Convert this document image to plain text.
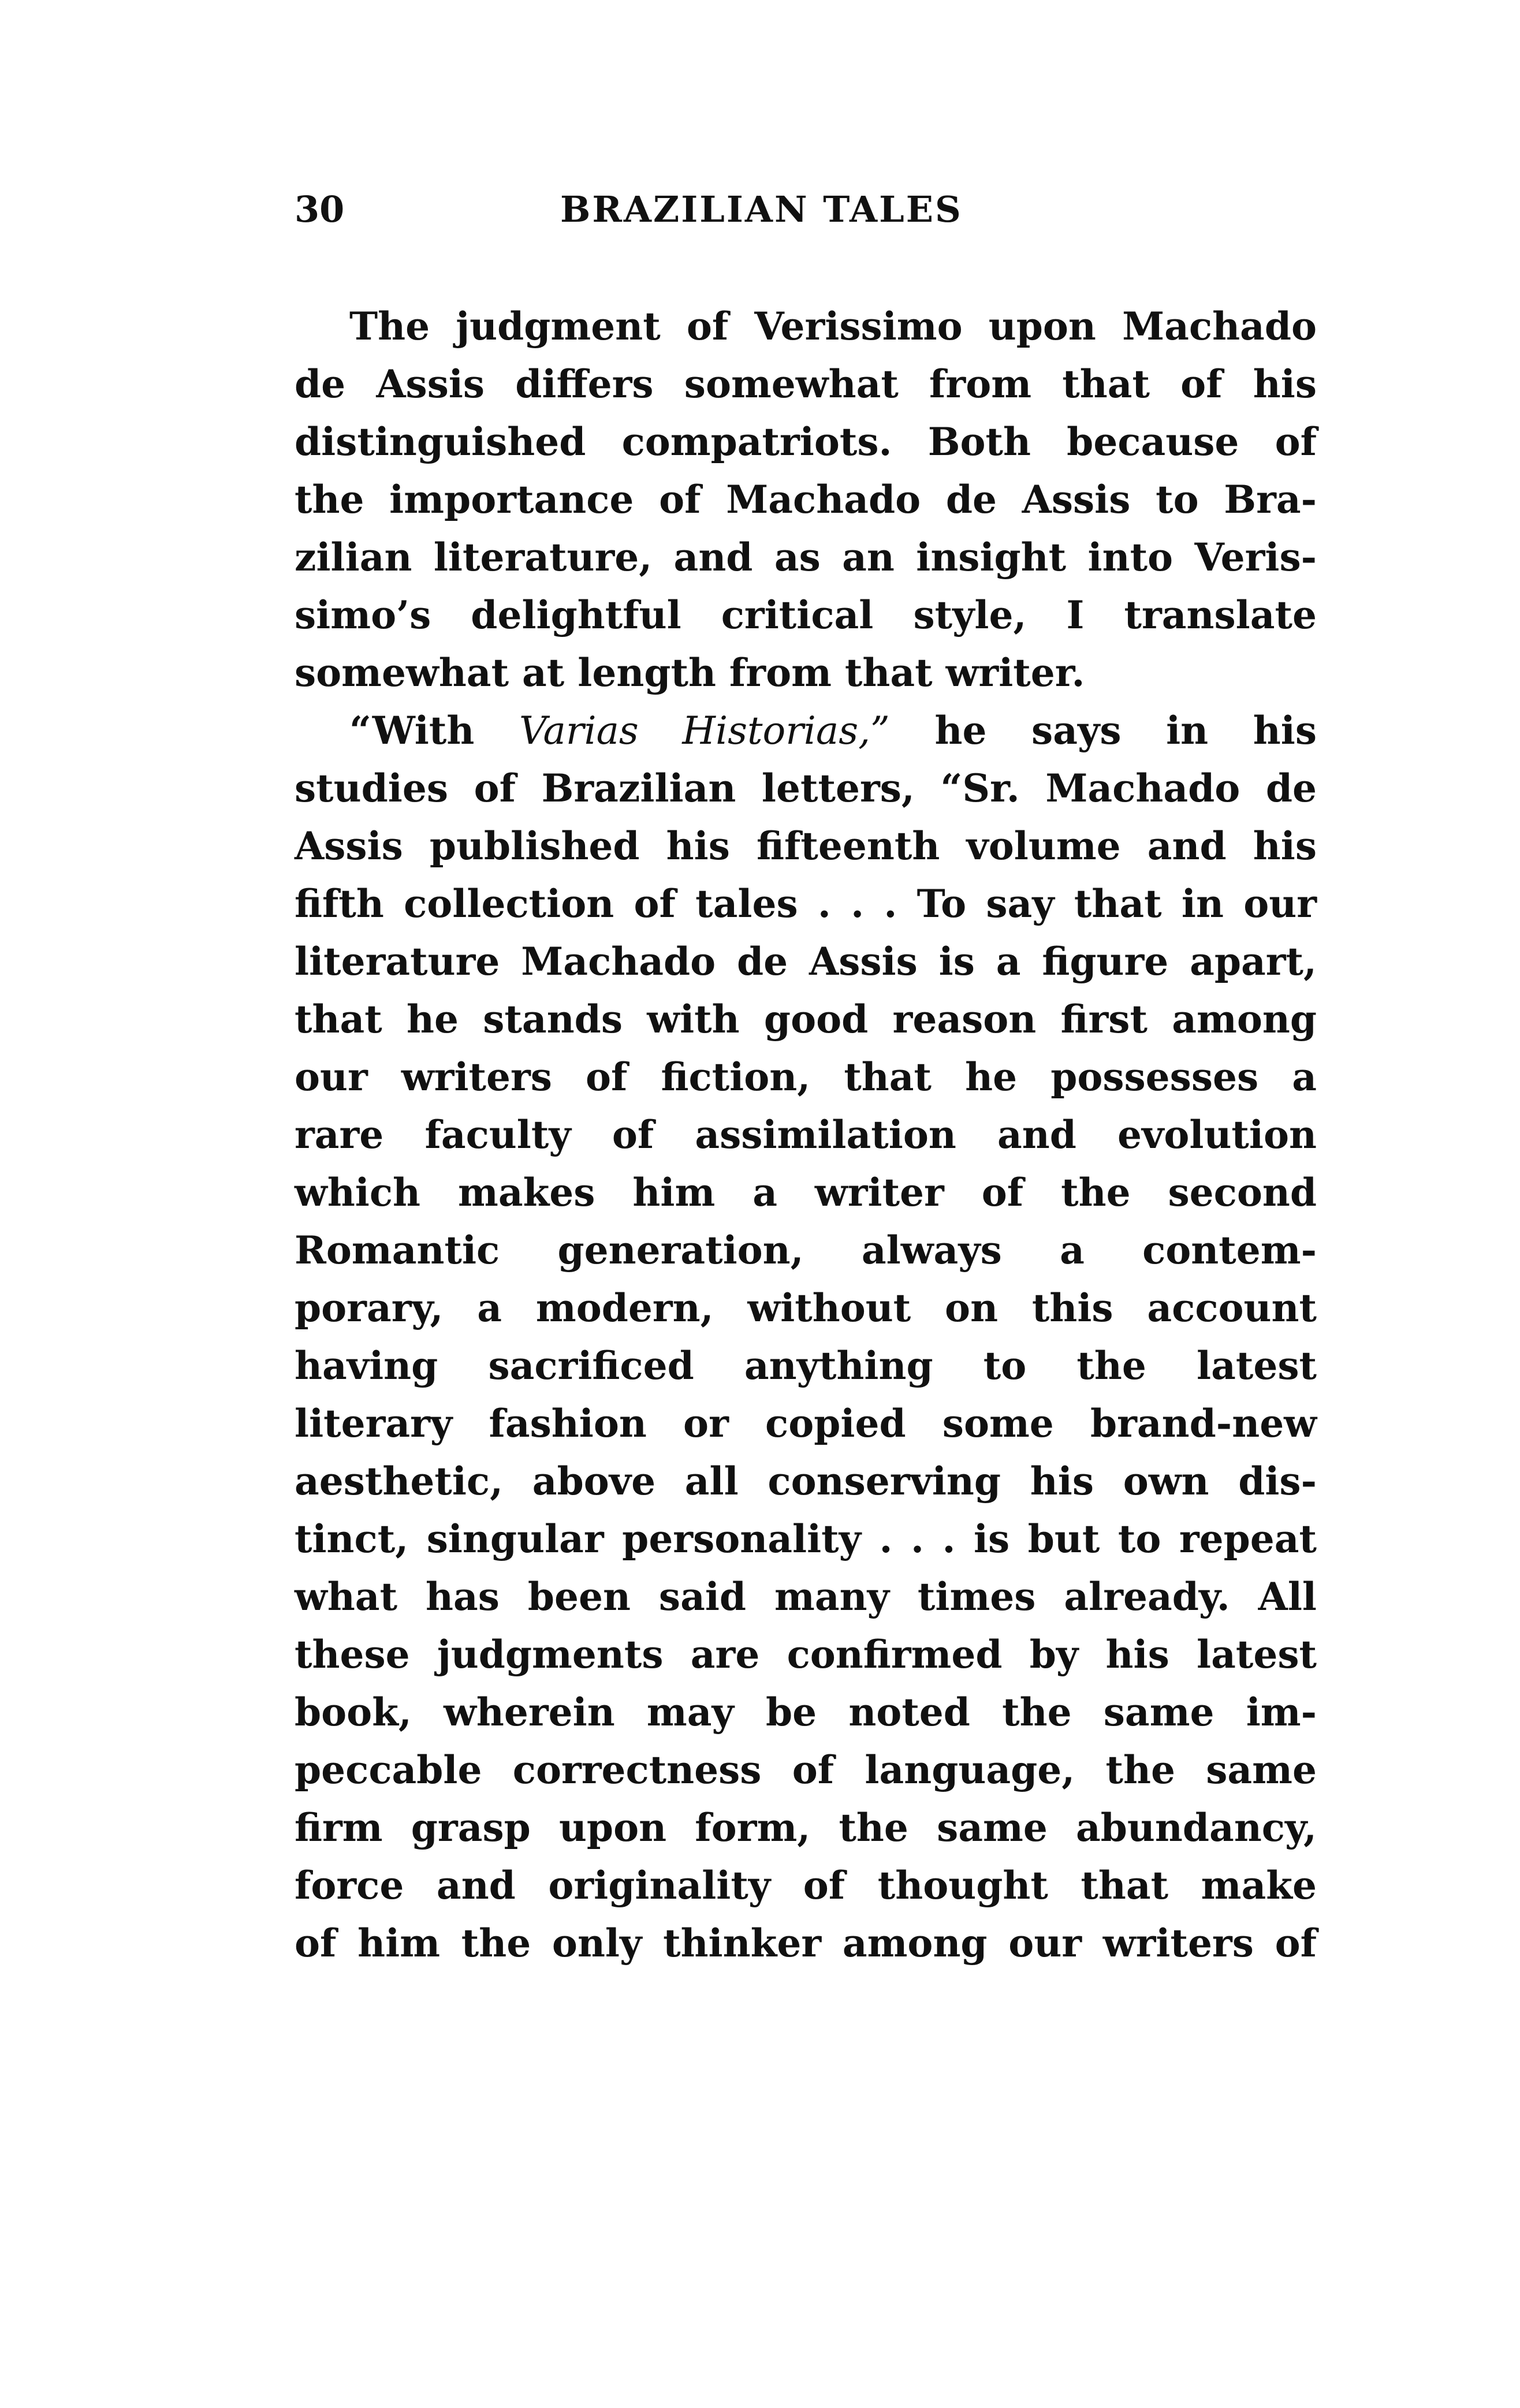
30	BRAZILIAN TALES
The judgment of Verissimo upon Machado
de Assis differs somewhat from that of his
distinguished compatriots. Both because of
the importance of Machado de Assis to Bra-
zilian literature, and as an insight into Veris-
simo’s delightful critical style, I translate
somewhat at length from that writer.
“With Varias Historias,” he says in his
studies of Brazilian letters, “Sr. Machado de
Assis published his fifteenth volume and his
fifth collection of tales . . . To say that in our
literature Machado de Assis is a figure apart,
that he stands with good reason first among
our writers of fiction, that he possesses a
rare faculty of assimilation and evolution
which makes him a writer of the second
Romantic generation, always a contem-
porary, a modern, without on this account
having sacrificed anything to the latest
literary fashion or copied some brand-new
aesthetic, above all conserving his own dis-
tinct, singular personality . . . is but to repeat
what has been said many times already. All
these judgments are confirmed by his latest
book, wherein may be noted the same im-
peccable correctness of language, the same
firm grasp upon form, the same abundancy,
force and originality of thought that make
of him the only thinker among our writers of
